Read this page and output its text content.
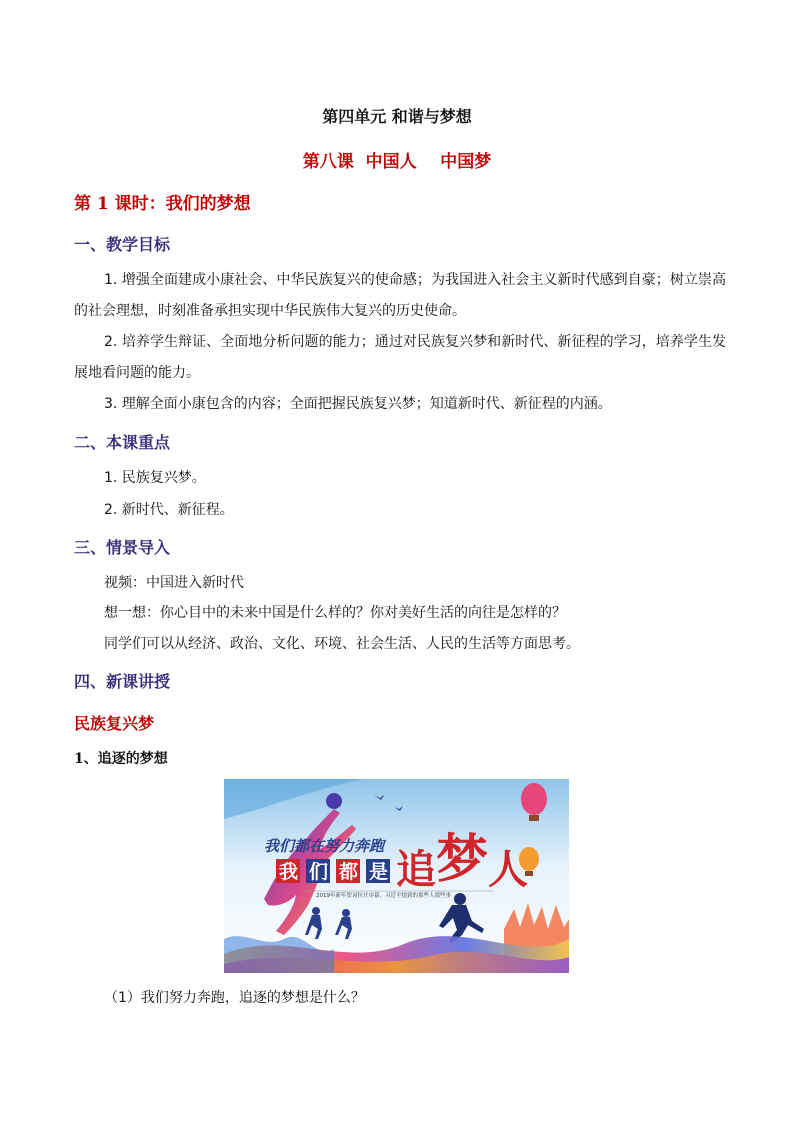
第四单元 和谐与梦想
第八课  中国人    中国梦
第 1 课时：我们的梦想
一、教学目标
1. 增强全面建成小康社会、中华民族复兴的使命感；为我国进入社会主义新时代感到自豪；树立崇高的社会理想，时刻准备承担实现中华民族伟大复兴的历史使命。
2. 培养学生辩证、全面地分析问题的能力；通过对民族复兴梦和新时代、新征程的学习，培养学生发展地看问题的能力。
3. 理解全面小康包含的内容；全面把握民族复兴梦；知道新时代、新征程的内涵。
二、本课重点
1. 民族复兴梦。
2. 新时代、新征程。
三、情景导入
视频：中国进入新时代
想一想：你心目中的未来中国是什么样的？你对美好生活的向往是怎样的？
同学们可以从经济、政治、文化、环境、社会生活、人民的生活等方面思考。
四、新课讲授
民族复兴梦
1、追逐的梦想
我们都在努力奔跑
我 们 都 是 追 梦 人
2019年新年贺词拉开序幕，习近平提到的那些人那些事
（1）我们努力奔跑，追逐的梦想是什么？
